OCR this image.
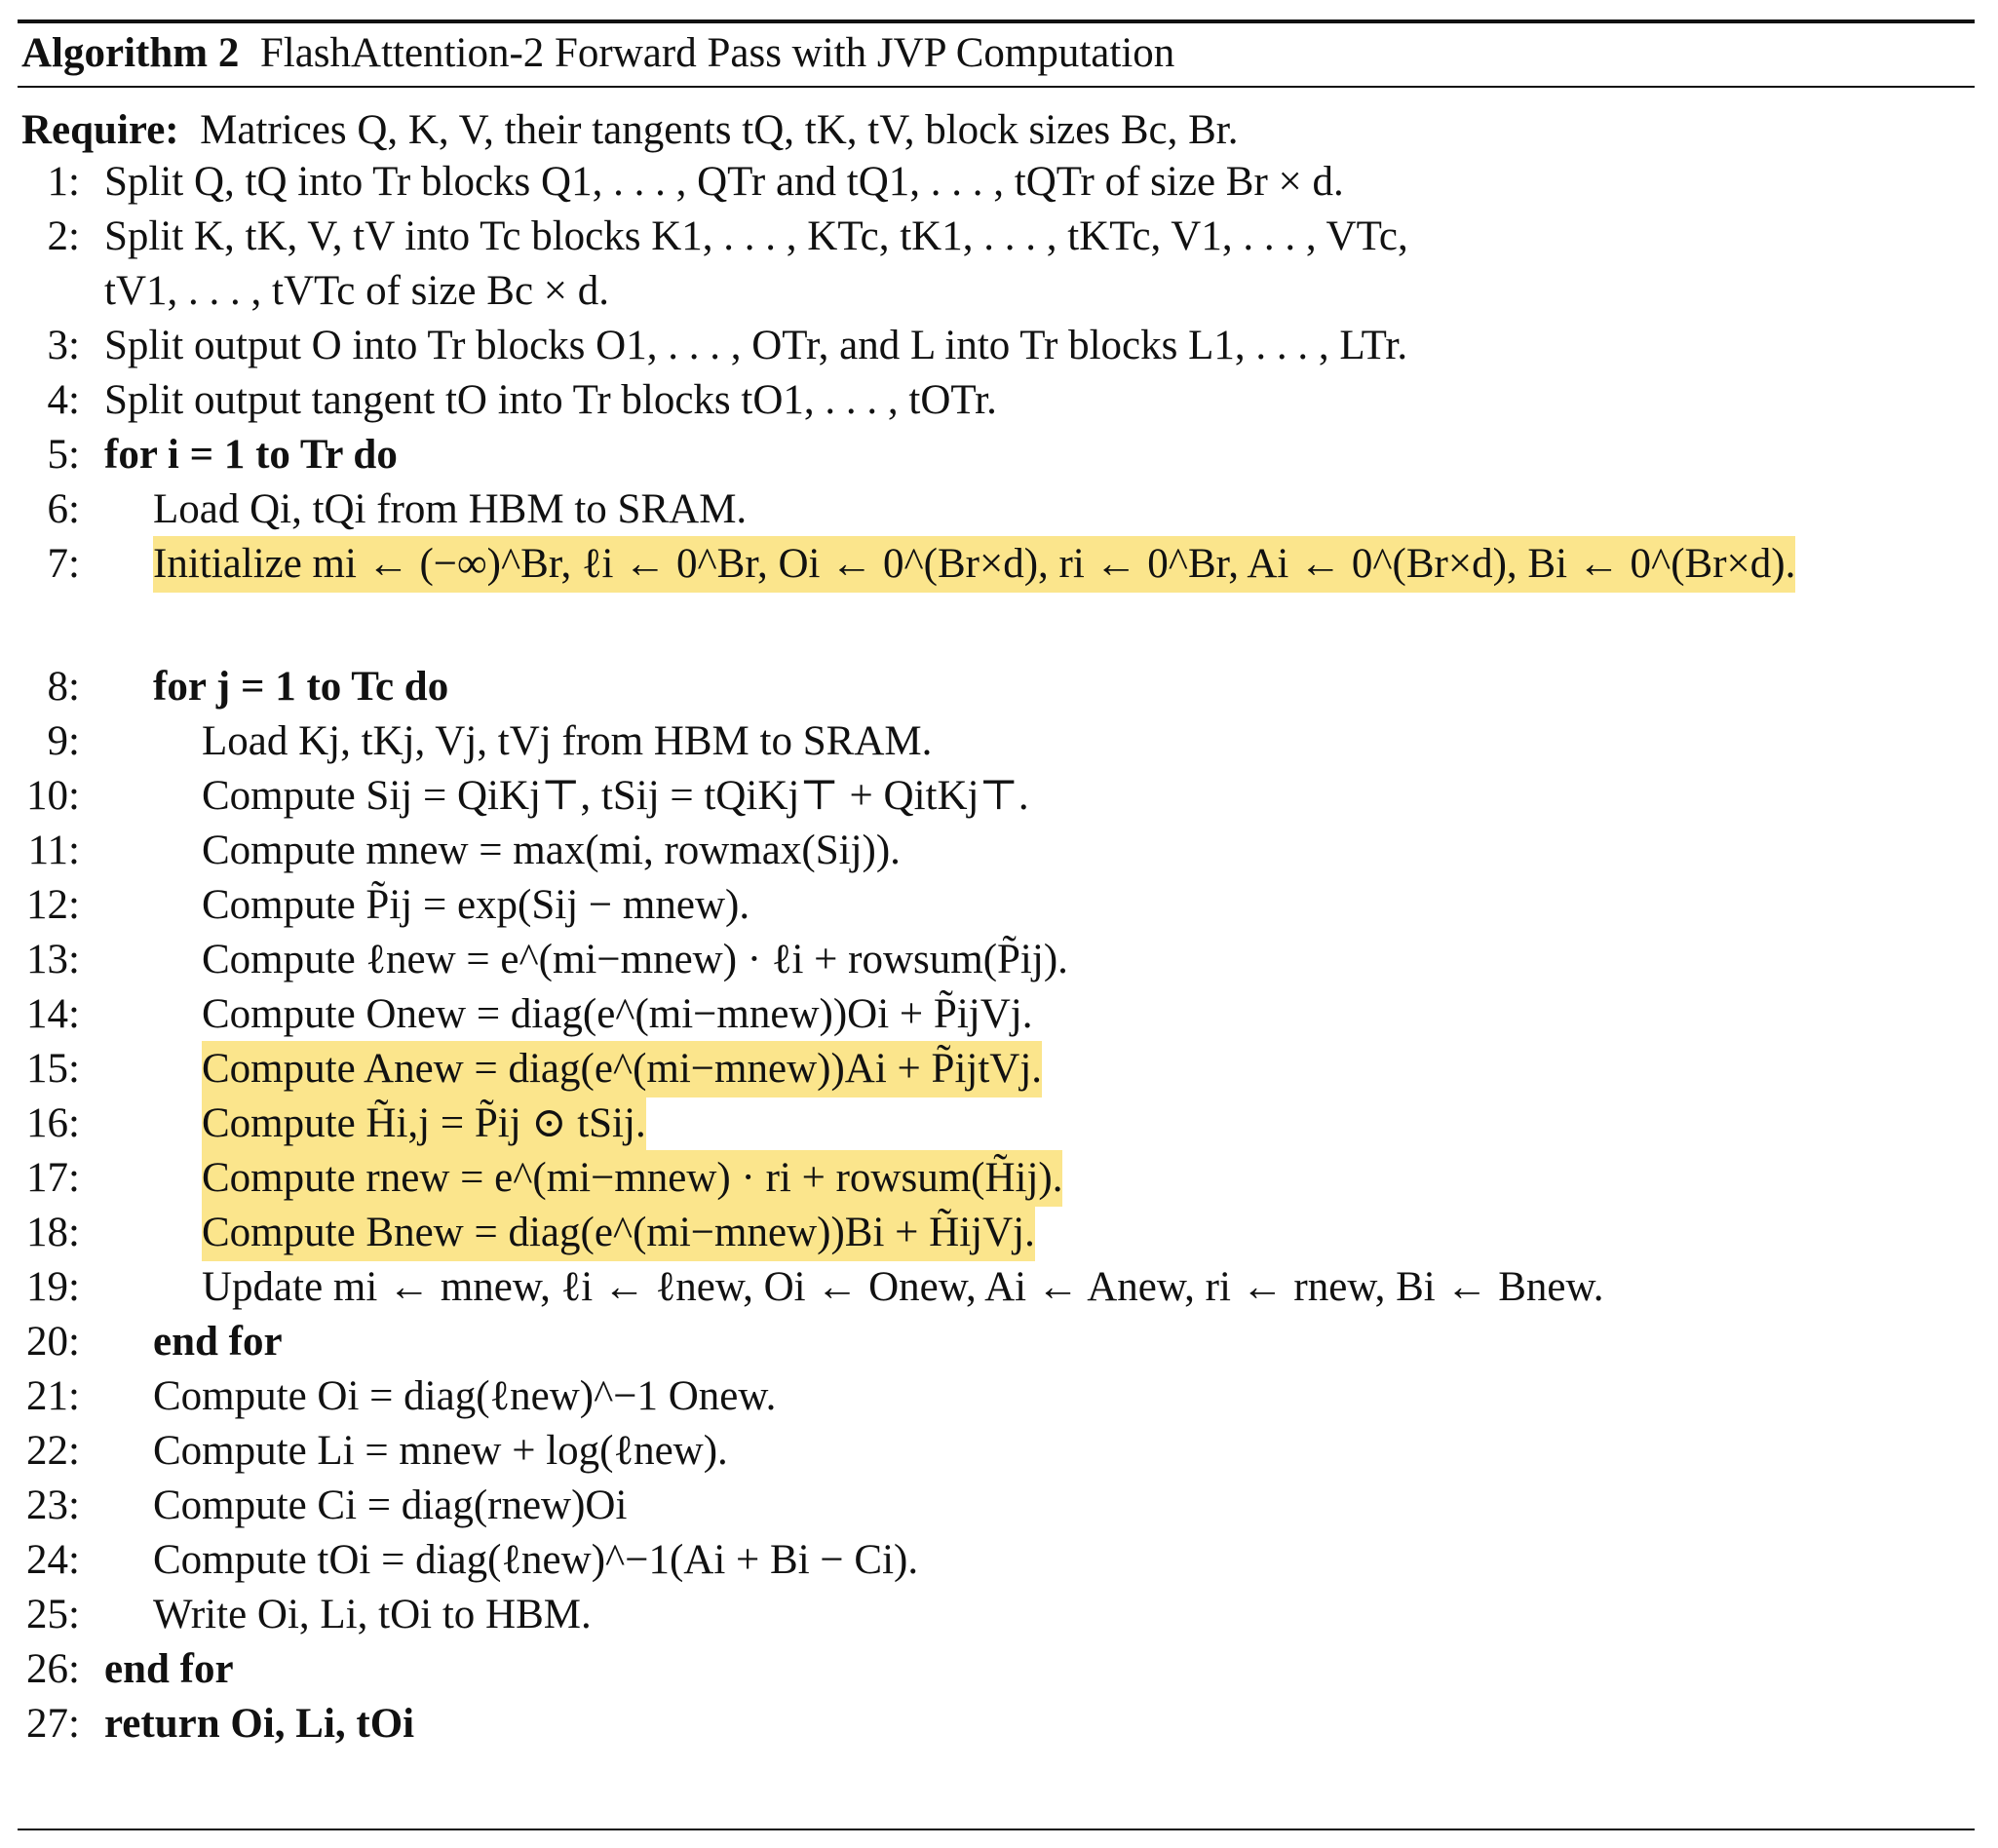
Algorithm 2 FlashAttention-2 Forward Pass with JVP Computation
Require: Matrices Q, K, V, their tangents tQ, tK, tV, block sizes Bc, Br.
1: Split Q, tQ into Tr blocks Q1, . . . , QTr and tQ1, . . . , tQTr of size Br × d.
2: Split K, tK, V, tV into Tc blocks K1, . . . , KTc, tK1, . . . , tKTc, V1, . . . , VTc,
tV1, . . . , tVTc of size Bc × d.
3: Split output O into Tr blocks O1, . . . , OTr, and L into Tr blocks L1, . . . , LTr.
4: Split output tangent tO into Tr blocks tO1, . . . , tOTr.
5: for i = 1 to Tr do
6: Load Qi, tQi from HBM to SRAM.
7: Initialize mi ← (−∞)^Br, ℓi ← 0^Br, Oi ← 0^(Br×d), ri ← 0^Br, Ai ← 0^(Br×d), Bi ← 0^(Br×d).
8: for j = 1 to Tc do
9:	Load Kj, tKj, Vj, tVj from HBM to SRAM.
10:	Compute Sij = QiKj⊤, tSij = tQiKj⊤ + QitKj⊤.
11:	Compute mnew = max(mi, rowmax(Sij)).
12:	Compute P̃ij = exp(Sij − mnew).
13:	Compute ℓnew = e^(mi−mnew) · ℓi + rowsum(P̃ij).
14:	Compute Onew = diag(e^(mi−mnew))Oi + P̃ijVj.
15:	Compute Anew = diag(e^(mi−mnew))Ai + P̃ijtVj.
16:	Compute H̃i,j = P̃ij ⊙ tSij.
17:	Compute rnew = e^(mi−mnew) · ri + rowsum(H̃ij).
18:	Compute Bnew = diag(e^(mi−mnew))Bi + H̃ijVj.
19:	Update mi ← mnew, ℓi ← ℓnew, Oi ← Onew, Ai ← Anew, ri ← rnew, Bi ← Bnew.
20: end for
21: Compute Oi = diag(ℓnew)^−1 Onew.
22: Compute Li = mnew + log(ℓnew).
23: Compute Ci = diag(rnew)Oi
24: Compute tOi = diag(ℓnew)^−1(Ai + Bi − Ci).
25: Write Oi, Li, tOi to HBM.
26: end for
27: return Oi, Li, tOi
